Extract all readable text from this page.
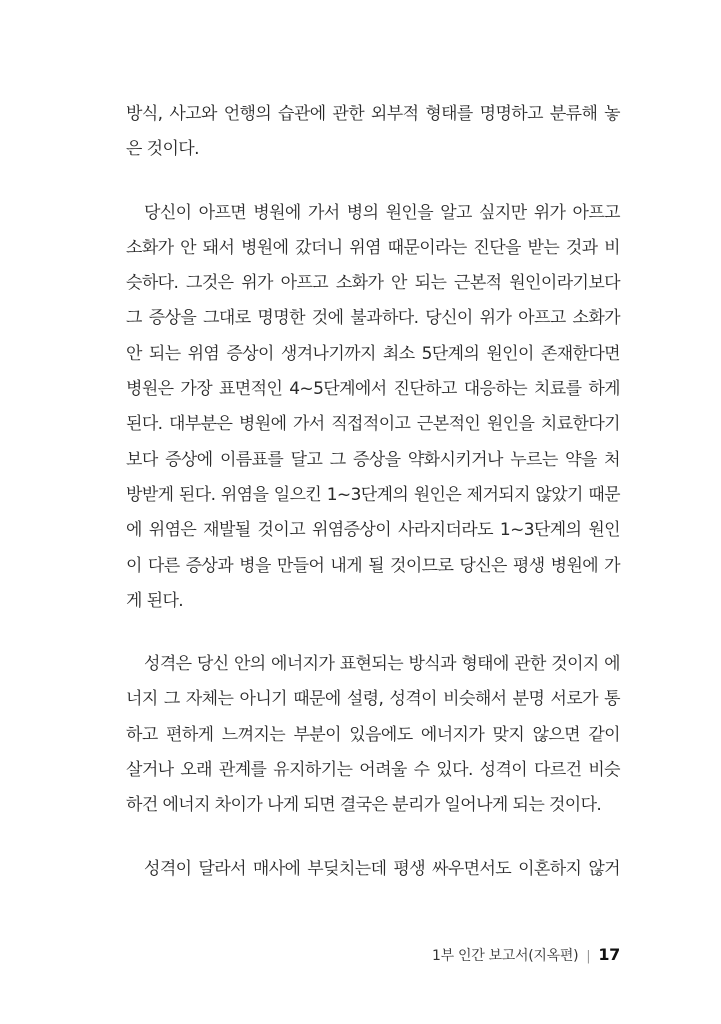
방식, 사고와 언행의 습관에 관한 외부적 형태를 명명하고 분류해 놓
은 것이다.
당신이 아프면 병원에 가서 병의 원인을 알고 싶지만 위가 아프고
소화가 안 돼서 병원에 갔더니 위염 때문이라는 진단을 받는 것과 비
슷하다. 그것은 위가 아프고 소화가 안 되는 근본적 원인이라기보다
그 증상을 그대로 명명한 것에 불과하다. 당신이 위가 아프고 소화가
안 되는 위염 증상이 생겨나기까지 최소 5단계의 원인이 존재한다면
병원은 가장 표면적인 4~5단계에서 진단하고 대응하는 치료를 하게
된다. 대부분은 병원에 가서 직접적이고 근본적인 원인을 치료한다기
보다 증상에 이름표를 달고 그 증상을 약화시키거나 누르는 약을 처
방받게 된다. 위염을 일으킨 1~3단계의 원인은 제거되지 않았기 때문
에 위염은 재발될 것이고 위염증상이 사라지더라도 1~3단계의 원인
이 다른 증상과 병을 만들어 내게 될 것이므로 당신은 평생 병원에 가
게 된다.
성격은 당신 안의 에너지가 표현되는 방식과 형태에 관한 것이지 에
너지 그 자체는 아니기 때문에 설령, 성격이 비슷해서 분명 서로가 통
하고 편하게 느껴지는 부분이 있음에도 에너지가 맞지 않으면 같이
살거나 오래 관계를 유지하기는 어려울 수 있다. 성격이 다르건 비슷
하건 에너지 차이가 나게 되면 결국은 분리가 일어나게 되는 것이다.
성격이 달라서 매사에 부딪치는데 평생 싸우면서도 이혼하지 않거
1부 인간 보고서(지옥편) | 17
